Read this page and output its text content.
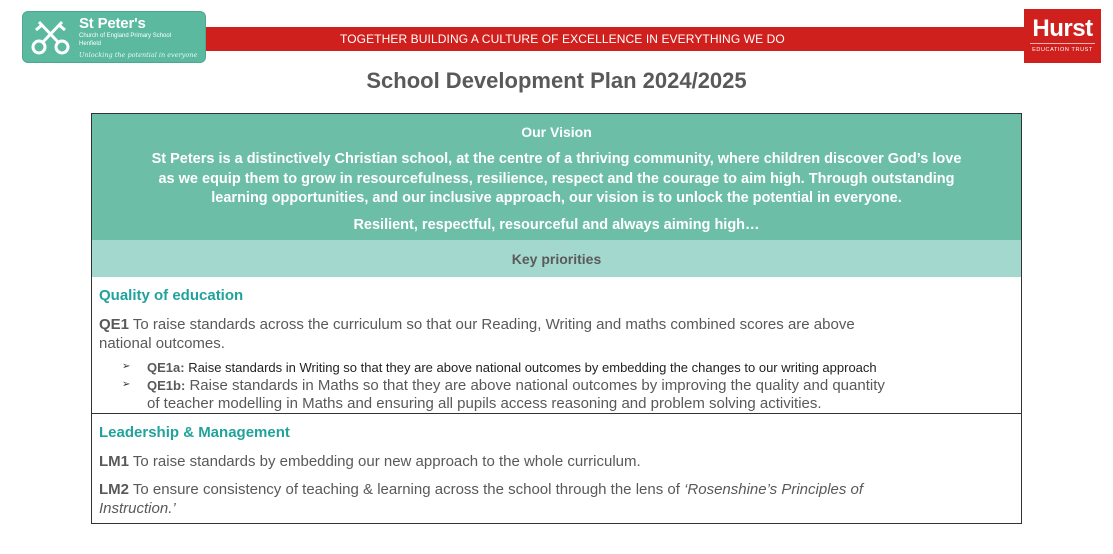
St Peter's
Church of England Primary School
Henfield
Unlocking the potential in everyone
TOGETHER BUILDING A CULTURE OF EXCELLENCE IN EVERYTHING WE DO	Hurst
EDUCATION TRUST
School Development Plan 2024/2025
Our Vision
St Peters is a distinctively Christian school, at the centre of a thriving community, where children discover God’s love
as we equip them to grow in resourcefulness, resilience, respect and the courage to aim high. Through outstanding
learning opportunities, and our inclusive approach, our vision is to unlock the potential in everyone.
Resilient, respectful, resourceful and always aiming high…
Key priorities
Quality of education
QE1 To raise standards across the curriculum so that our Reading, Writing and maths combined scores are above
national outcomes.
➢	QE1a: Raise standards in Writing so that they are above national outcomes by embedding the changes to our writing approach
➢	QE1b: Raise standards in Maths so that they are above national outcomes by improving the quality and quantity
of teacher modelling in Maths and ensuring all pupils access reasoning and problem solving activities.
Leadership & Management
LM1 To raise standards by embedding our new approach to the whole curriculum.
LM2 To ensure consistency of teaching & learning across the school through the lens of ‘Rosenshine’s Principles of
Instruction.’
